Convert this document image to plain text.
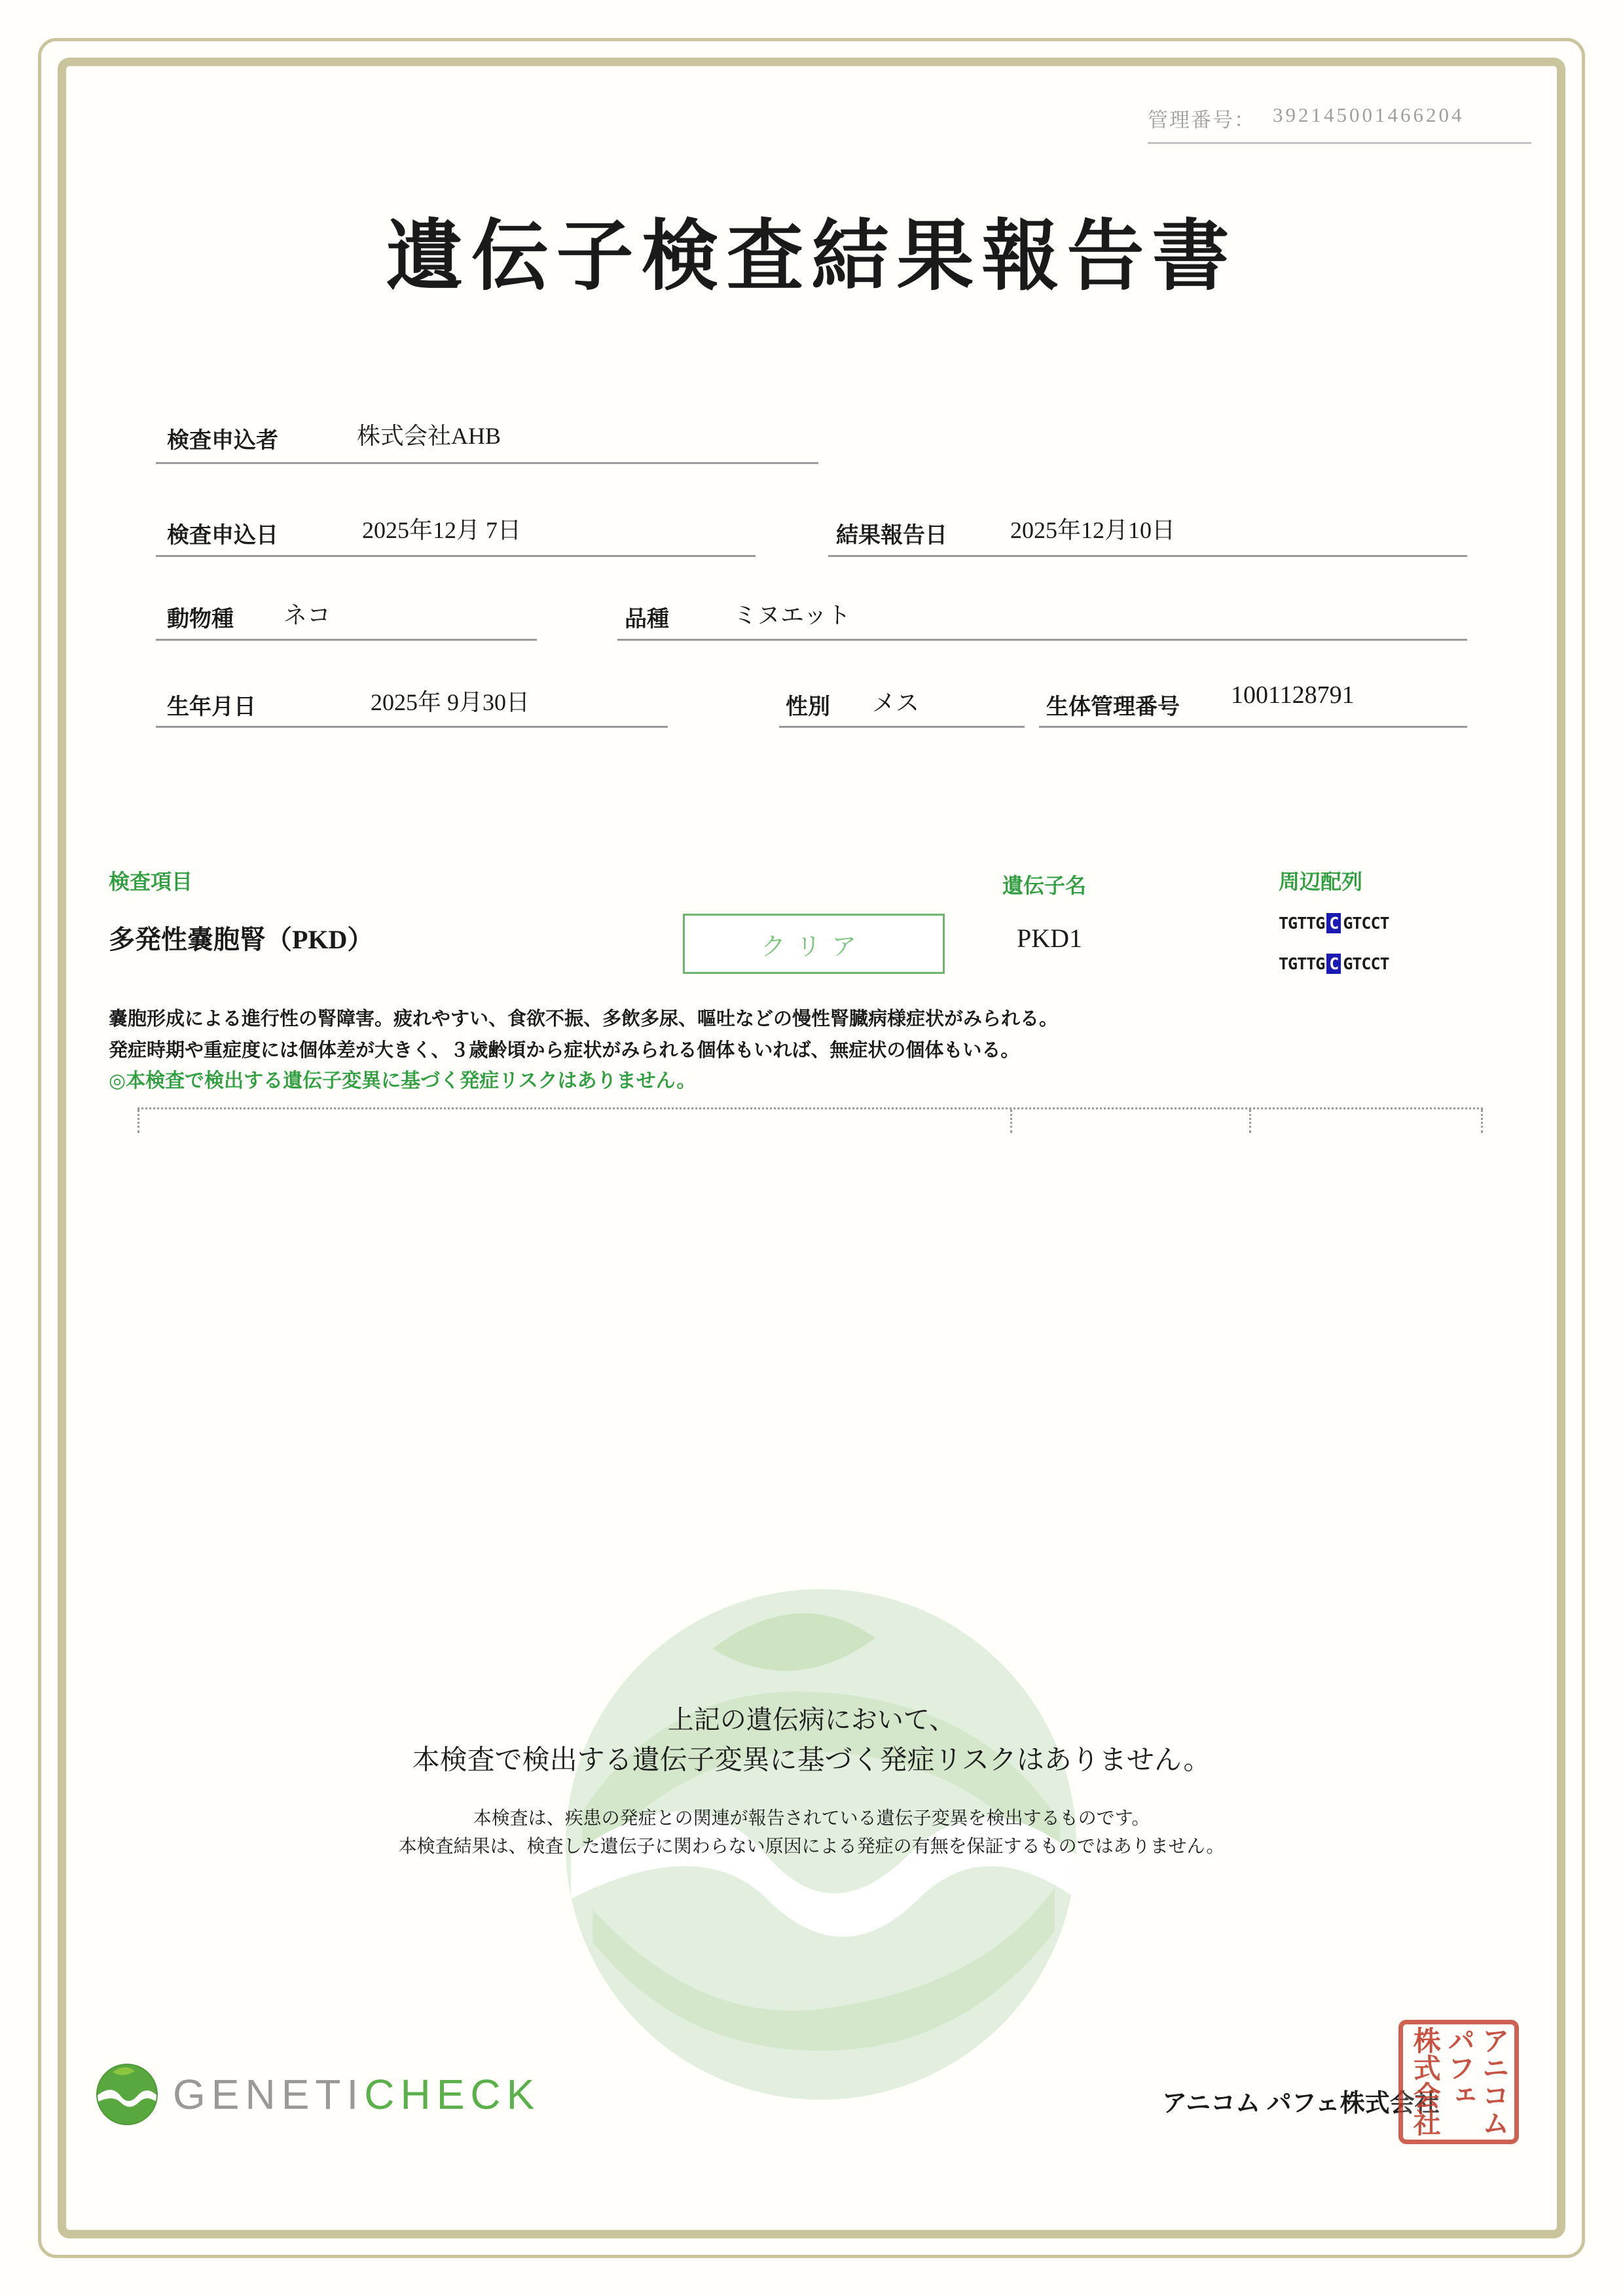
管理番号： 392145001466204
遺伝子検査結果報告書
検査申込者	株式会社AHB
検査申込日	2025年12月 7日	結果報告日	2025年12月10日
動物種 ネコ	品種	ミヌエット
生年月日	2025年 9月30日	性別 メス	生体管理番号 1001128791
検査項目	遺伝子名	周辺配列
多発性嚢胞腎（PKD）	クリア	PKD1
TGTTG C GTCCT
TGTTG C GTCCT
嚢胞形成による進行性の腎障害。疲れやすい、食欲不振、多飲多尿、嘔吐などの慢性腎臓病様症状がみられる。
発症時期や重症度には個体差が大きく、３歳齢頃から症状がみられる個体もいれば、無症状の個体もいる。
◎本検査で検出する遺伝子変異に基づく発症リスクはありません。
上記の遺伝病において、
本検査で検出する遺伝子変異に基づく発症リスクはありません。
本検査は、疾患の発症との関連が報告されている遺伝子変異を検出するものです。
本検査結果は、検査した遺伝子に関わらない原因による発症の有無を保証するものではありません。
GENETICHECK	アニコム パフェ株式会社 アニコム
パフェ
株式会社
